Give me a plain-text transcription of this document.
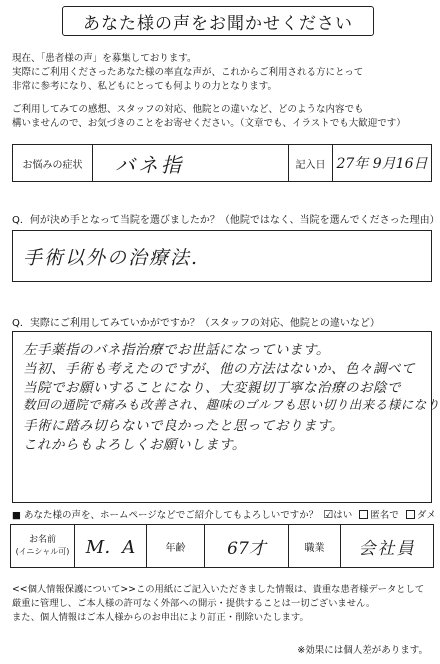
あなた様の声をお聞かせください
現在、「患者様の声」を募集しております。
実際にご利用くださったあなた様の率直な声が、これからご利用される方にとって
非常に参考になり、私どもにとっても何よりの力となります。
ご利用してみての感想、スタッフの対応、他院との違いなど、どのような内容でも
構いませんので、お気づきのことをお寄せください。（文章でも、イラストでも大歓迎です）
お悩みの症状	バネ指	記入日 27年 9月16日
Q．何が決め手となって当院を選びましたか？（他院ではなく、当院を選んでくださった理由）
手術以外の治療法.
Q．実際にご利用してみていかがですか？（スタッフの対応、他院との違いなど）
左手薬指のバネ指治療でお世話になっています。
当初、手術も考えたのですが、他の方法はないか、色々調べて
当院でお願いすることになり、大変親切丁寧な治療のお陰で
数回の通院で痛みも改善され、趣味のゴルフも思い切り出来る様になり
手術に踏み切らないで良かったと思っております。
これからもよろしくお願いします。
■ あなた様の声を、ホームページなどでご紹介してもよろしいですか？ ☑はい 匿名で ダメ
お名前
(イニシャル可) M．A	年齢	67才	職業	会社員
<<個人情報保護について>>この用紙にご記入いただきました情報は、貴重な患者様データとして
厳重に管理し、ご本人様の許可なく外部への開示・提供することは一切ございません。
また、個人情報はご本人様からのお申出により訂正・削除いたします。
※効果には個人差があります。
